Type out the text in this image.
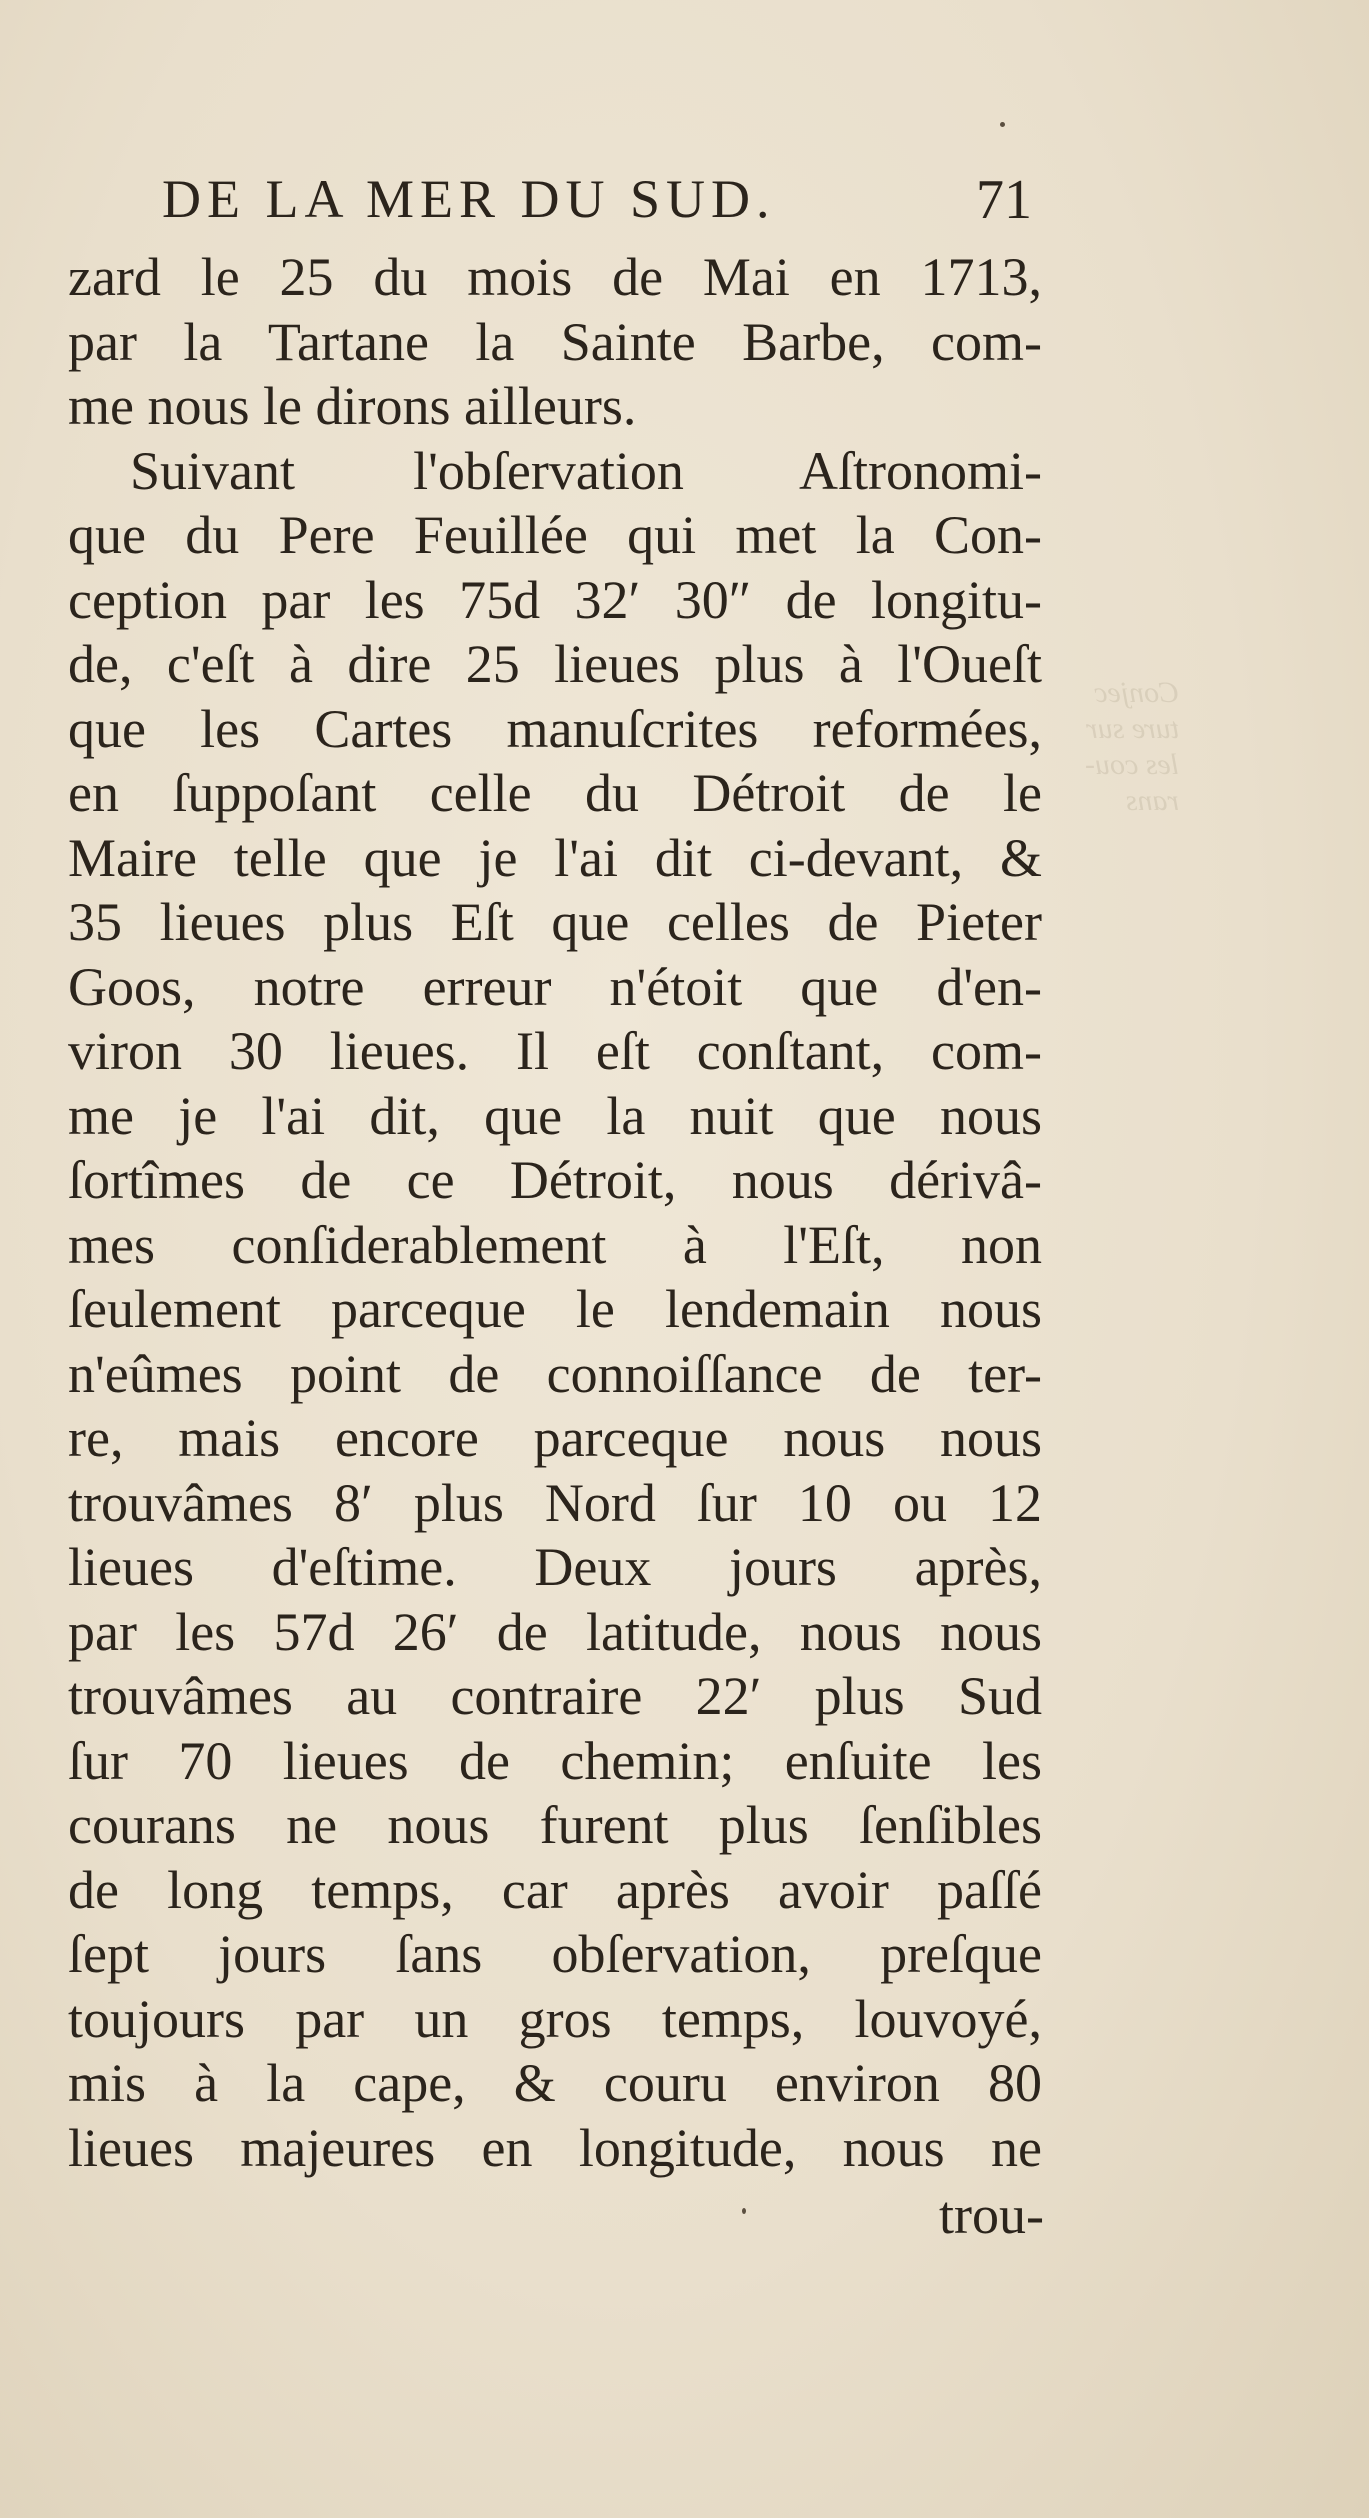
Conjec
ture sur
les cou-
rans
DE LA MER DU SUD.	71
zard le 25 du mois de Mai en 1713,
par la Tartane la Sainte Barbe, com-
me nous le dirons ailleurs.
Suivant l'obſervation Aſtronomi-
que du Pere Feuillée qui met la Con-
ception par les 75d 32′ 30″ de longitu-
de, c'eſt à dire 25 lieues plus à l'Oueſt
que les Cartes manuſcrites reformées,
en ſuppoſant celle du Détroit de le
Maire telle que je l'ai dit ci-devant, &
35 lieues plus Eſt que celles de Pieter
Goos, notre erreur n'étoit que d'en-
viron 30 lieues. Il eſt conſtant, com-
me je l'ai dit, que la nuit que nous
ſortîmes de ce Détroit, nous dérivâ-
mes conſiderablement à l'Eſt, non
ſeulement parceque le lendemain nous
n'eûmes point de connoiſſance de ter-
re, mais encore parceque nous nous
trouvâmes 8′ plus Nord ſur 10 ou 12
lieues d'eſtime. Deux jours après,
par les 57d 26′ de latitude, nous nous
trouvâmes au contraire 22′ plus Sud
ſur 70 lieues de chemin; enſuite les
courans ne nous furent plus ſenſibles
de long temps, car après avoir paſſé
ſept jours ſans obſervation, preſque
toujours par un gros temps, louvoyé,
mis à la cape, & couru environ 80
lieues majeures en longitude, nous ne
trou-
